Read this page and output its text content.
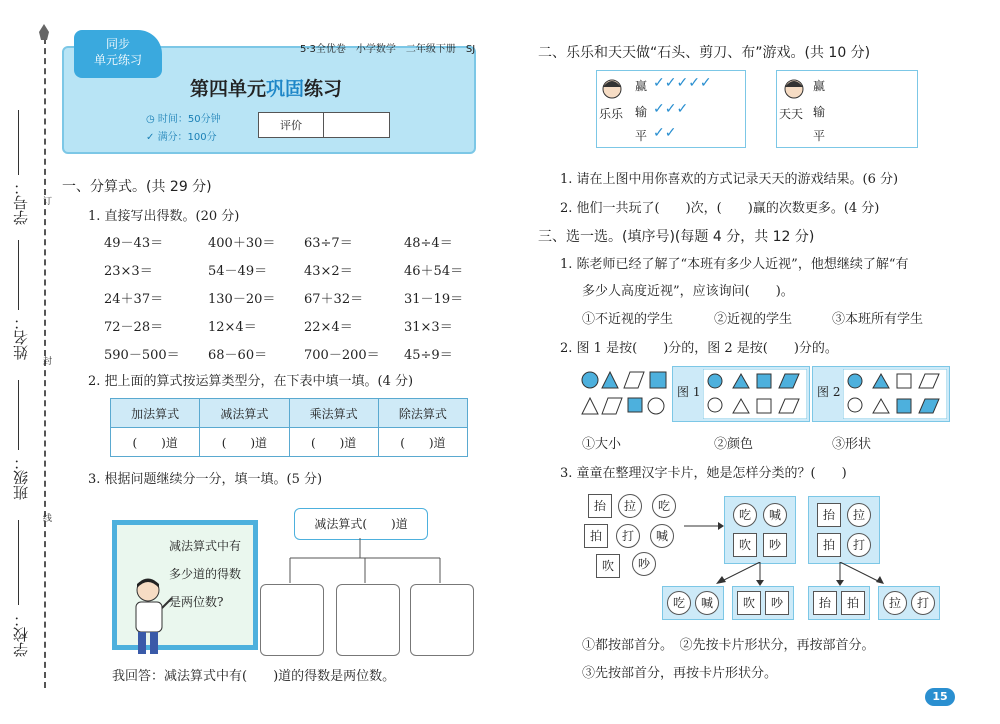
学号： 订
姓名：
封
班级：
线
学校：
同步
单元练习
5·3全优卷　小学数学　二年级下册　SJ
第四单元巩固练习
◷ 时间：50分钟
✓ 满分：100分
评价
一、分算式。(共 29 分)
1. 直接写出得数。(20 分)
49－43＝	400＋30＝ 63÷7＝	48÷4＝
23×3＝	54－49＝	43×2＝	46＋54＝
24＋37＝	130－20＝ 67＋32＝	31－19＝
72－28＝	12×4＝	22×4＝	31×3＝
590－500＝ 68－60＝	700－200＝ 45÷9＝
2. 把上面的算式按运算类型分，在下表中填一填。(4 分)
加法算式	减法算式	乘法算式	除法算式
(　　)道	(　　)道	(　　)道	(　　)道
3. 根据问题继续分一分，填一填。(5 分)
减法算式(　　)道
减法算式中有
多少道的得数
是两位数?
我回答：减法算式中有(　　)道的得数是两位数。
二、乐乐和天天做“石头、剪刀、布”游戏。(共 10 分)
乐乐
赢 ✓✓✓✓✓
输 ✓✓✓
平 ✓✓
天天
赢
输
平
1. 请在上图中用你喜欢的方式记录天天的游戏结果。(6 分)
2. 他们一共玩了(　　)次，(　　)赢的次数更多。(4 分)
三、选一选。(填序号)(每题 4 分，共 12 分)
1. 陈老师已经了解了“本班有多少人近视”，他想继续了解“有
多少人高度近视”，应该询问(　　)。
①不近视的学生	②近视的学生	③本班所有学生
2. 图 1 是按(　　)分的，图 2 是按(　　)分的。
图 1	图 2
①大小	②颜色	③形状
3. 童童在整理汉字卡片，她是怎样分类的？(　　)
抬	拉	吃
拍	打	喊
吹	吵
吃	喊
吹	吵
抬	拉
拍	打
吃	喊	吹	吵	抬	拍	拉	打
①都按部首分。　②先按卡片形状分，再按部首分。
③先按部首分，再按卡片形状分。
15
